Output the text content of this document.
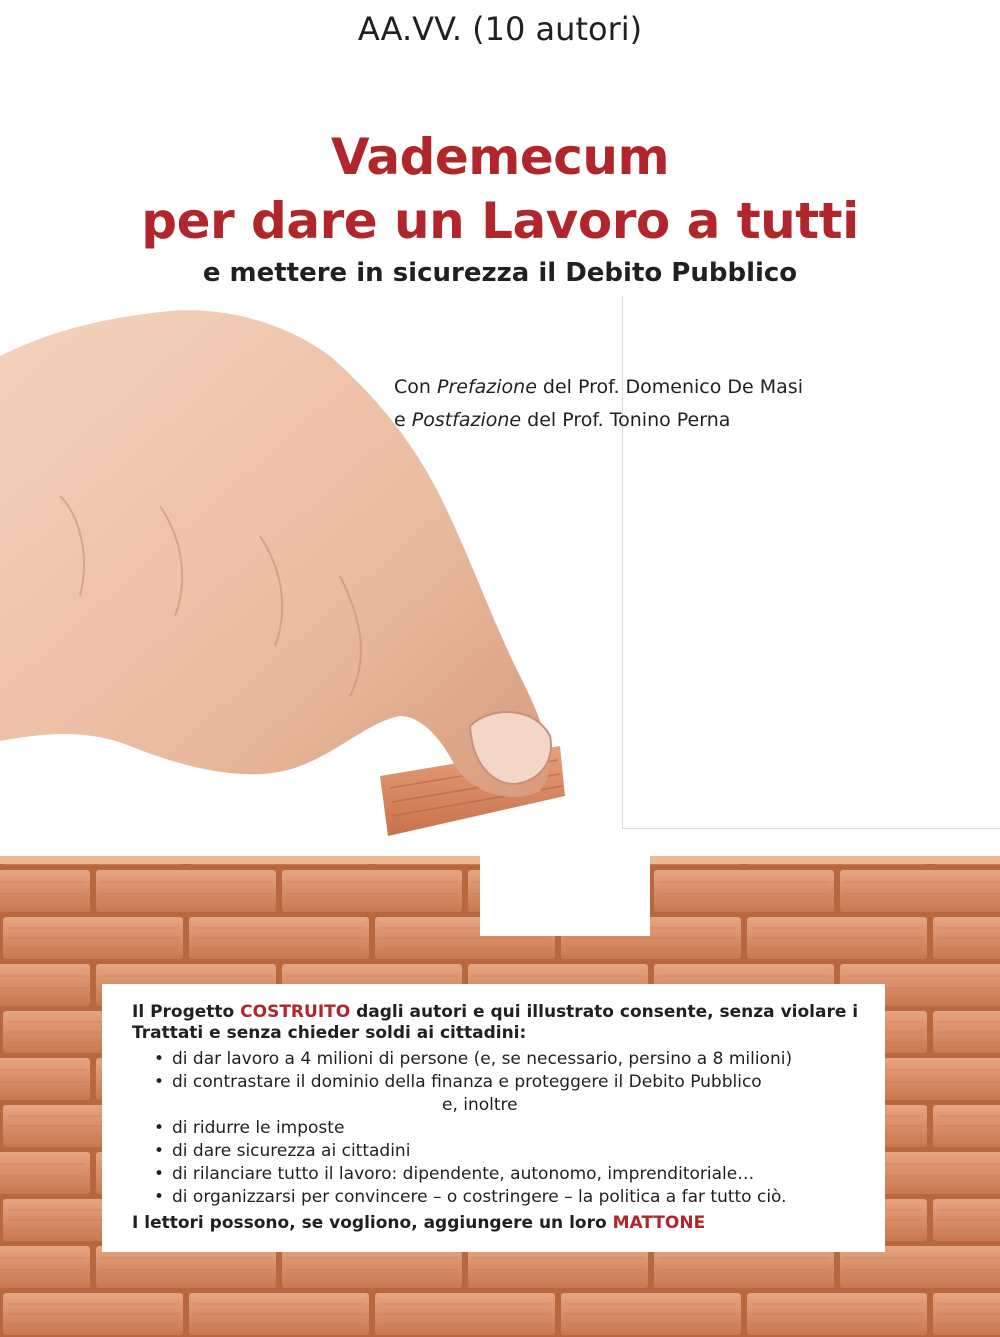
AA.VV. (10 autori)
Vademecum
per dare un Lavoro a tutti
e mettere in sicurezza il Debito Pubblico
Con Prefazione del Prof. Domenico De Masi
e Postfazione del Prof. Tonino Perna
Il Progetto COSTRUITO dagli autori e qui illustrato consente, senza violare i Trattati e senza chieder soldi ai cittadini:
• di dar lavoro a 4 milioni di persone (e, se necessario, persino a 8 milioni)
• di contrastare il dominio della finanza e proteggere il Debito Pubblico
e, inoltre
• di ridurre le imposte
• di dare sicurezza ai cittadini
• di rilanciare tutto il lavoro: dipendente, autonomo, imprenditoriale…
• di organizzarsi per convincere – o costringere – la politica a far tutto ciò.
I lettori possono, se vogliono, aggiungere un loro MATTONE
